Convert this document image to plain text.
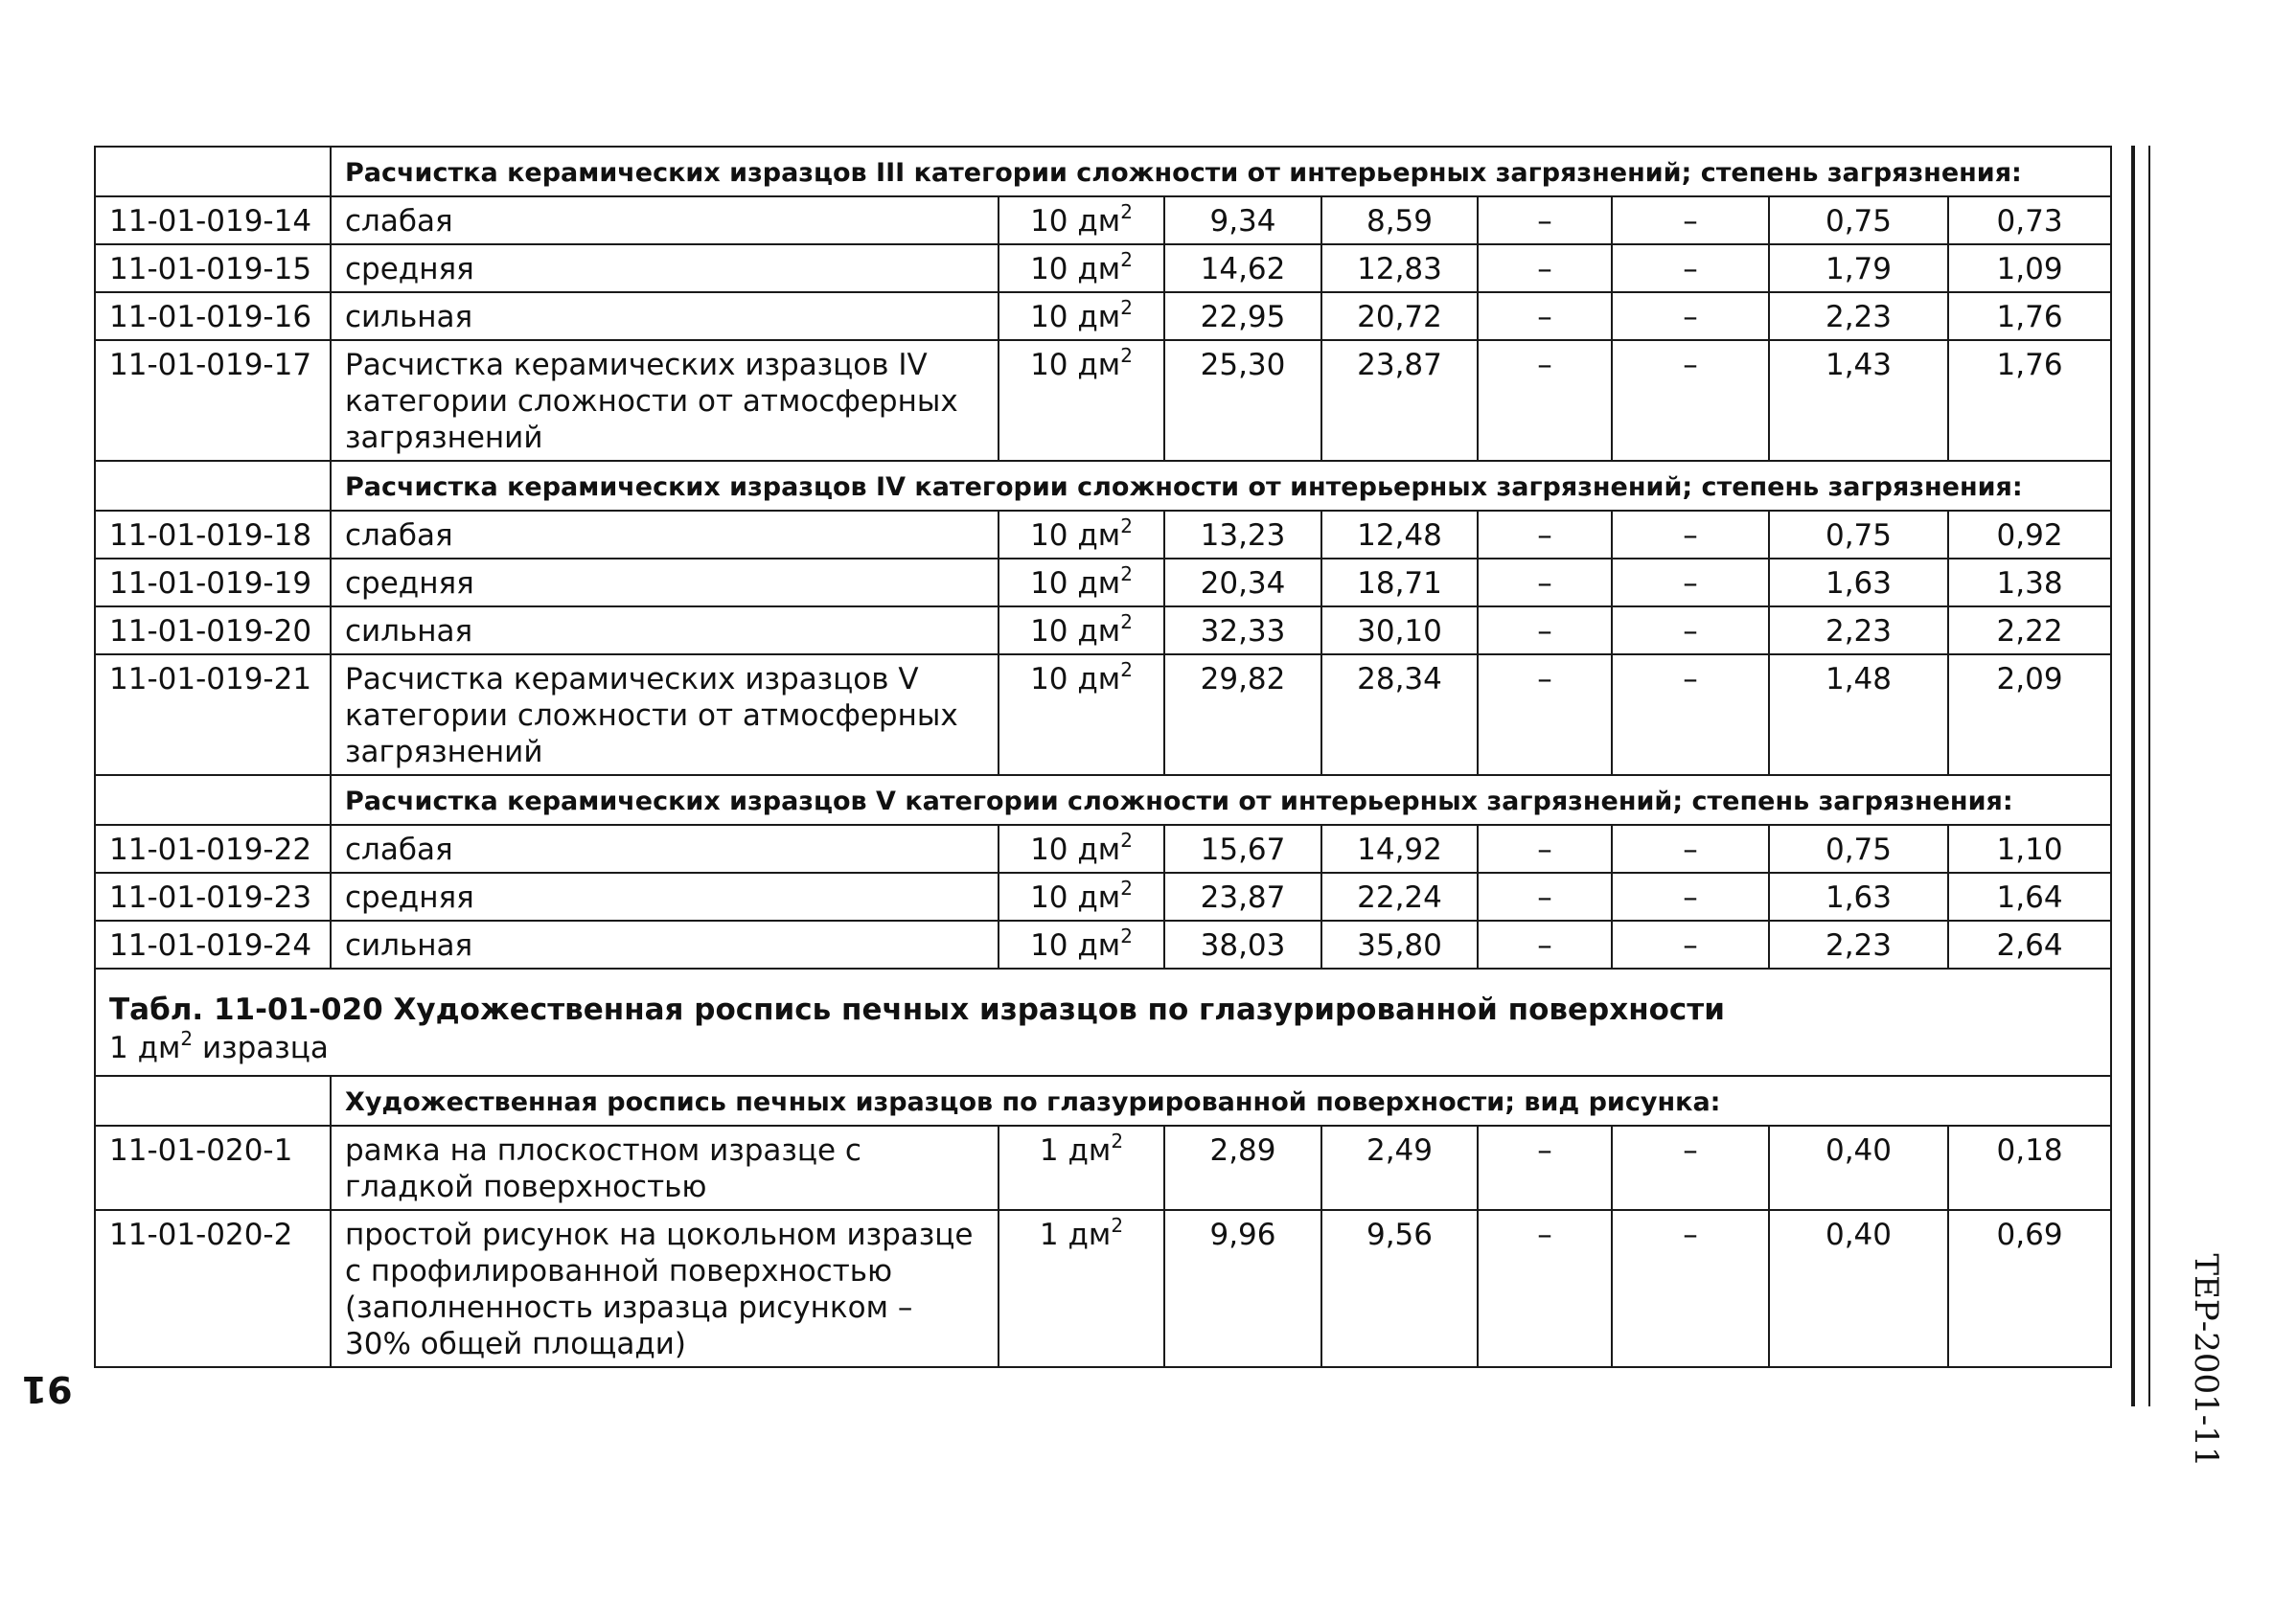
	Расчистка керамических изразцов III категории сложности от интерьерных загрязнений; степень загрязнения:							
11-01-019-14	слабая	10 $дм^2$	9,34	8,59	–	–	0,75	0,73
11-01-019-15	средняя	10 $дм^2$	14,62	12,83	–	–	1,79	1,09
11-01-019-16	сильная	10 $дм^2$	22,95	20,72	–	–	2,23	1,76
11-01-019-17	Расчистка керамических изразцов IV категории сложности от атмосферных загрязнений	10 $дм^2$	25,30	23,87	–	–	1,43	1,76
	Расчистка керамических изразцов IV категории сложности от интерьерных загрязнений; степень загрязнения:							
11-01-019-18	слабая	10 $дм^2$	13,23	12,48	–	–	0,75	0,92
11-01-019-19	средняя	10 $дм^2$	20,34	18,71	–	–	1,63	1,38
11-01-019-20	сильная	10 $дм^2$	32,33	30,10	–	–	2,23	2,22
11-01-019-21	Расчистка керамических изразцов V категории сложности от атмосферных загрязнений	10 $дм^2$	29,82	28,34	–	–	1,48	2,09
	Расчистка керамических изразцов V категории сложности от интерьерных загрязнений; степень загрязнения:							
11-01-019-22	слабая	10 $дм^2$	15,67	14,92	–	–	0,75	1,10
11-01-019-23	средняя	10 $дм^2$	23,87	22,24	–	–	1,63	1,64
11-01-019-24	сильная	10 $дм^2$	38,03	35,80	–	–	2,23	2,64

Табл. 11-01-020 Художественная роспись печных изразцов по глазурированной поверхности
1 $дм^2$ изразца								

	Художественная роспись печных изразцов по глазурированной поверхности; вид рисунка:							
11-01-020-1	рамка на плоскостном изразце с гладкой поверхностью	1 $дм^2$	2,89	2,49	–	–	0,40	0,18
11-01-020-2	простой рисунок на цокольном изразце с профилированной поверхностью (заполненность изразца рисунком – 30% общей площади)	1 $дм^2$	9,96	9,56	–	–	0,40	0,69
ТЕР-2001-11
91
